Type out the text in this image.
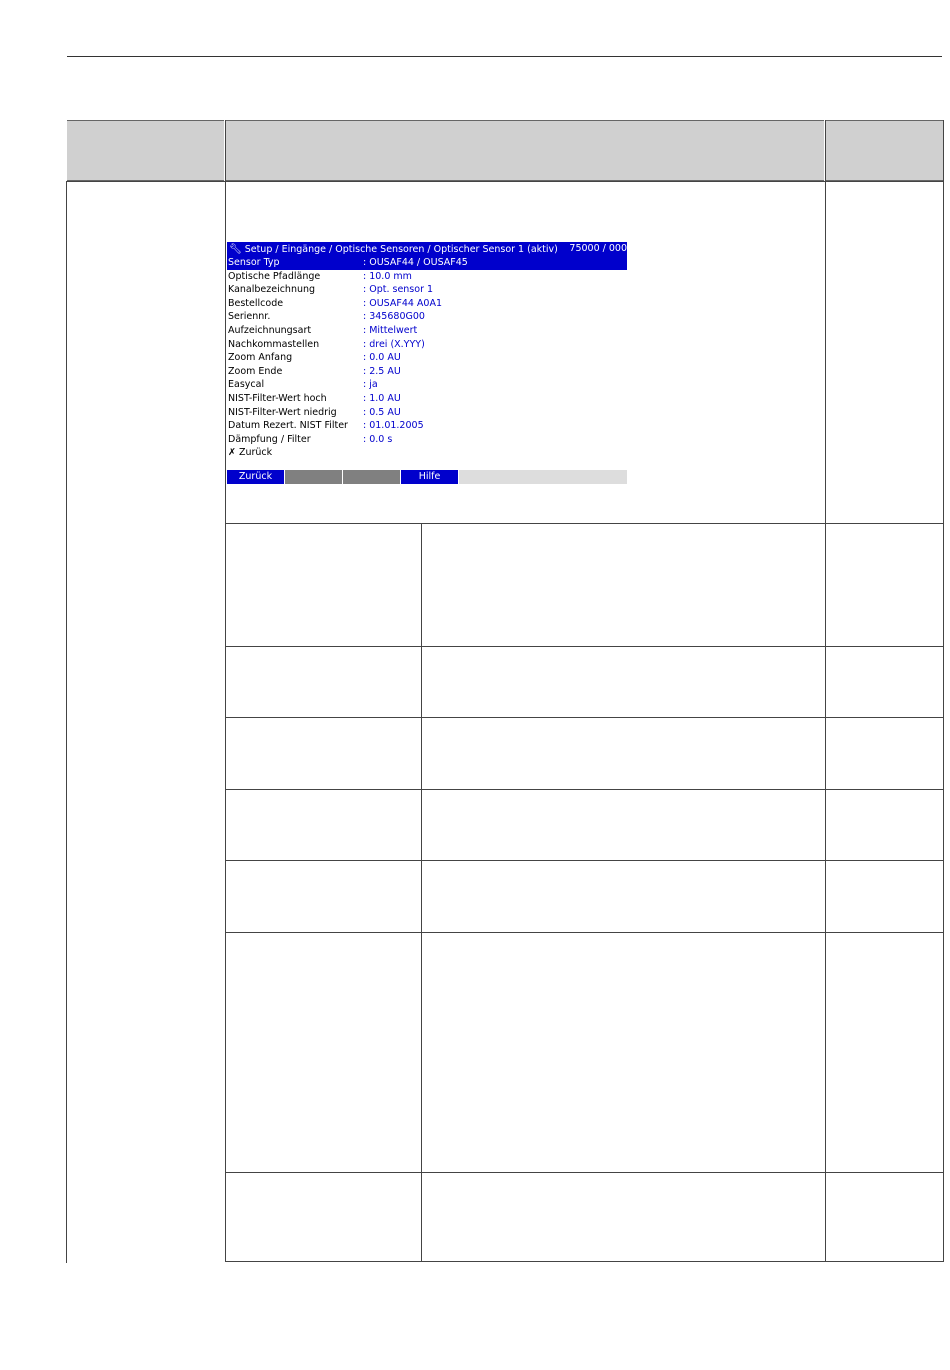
🔧︎ Setup / Eingänge / Optische Sensoren / Optischer Sensor 1 (aktiv) 75000 / 000
Sensor Typ	: OUSAF44 / OUSAF45
Optische Pfadlänge	: 10.0 mm
Kanalbezeichnung	: Opt. sensor 1
Bestellcode	: OUSAF44 A0A1
Seriennr.	: 345680G00
Aufzeichnungsart	: Mittelwert
Nachkommastellen	: drei (X.YYY)
Zoom Anfang	: 0.0 AU
Zoom Ende	: 2.5 AU
Easycal	: ja
NIST-Filter-Wert hoch	: 1.0 AU
NIST-Filter-Wert niedrig	: 0.5 AU
Datum Rezert. NIST Filter	: 01.01.2005
Dämpfung / Filter	: 0.0 s
✗ Zurück
Zurück	Hilfe
